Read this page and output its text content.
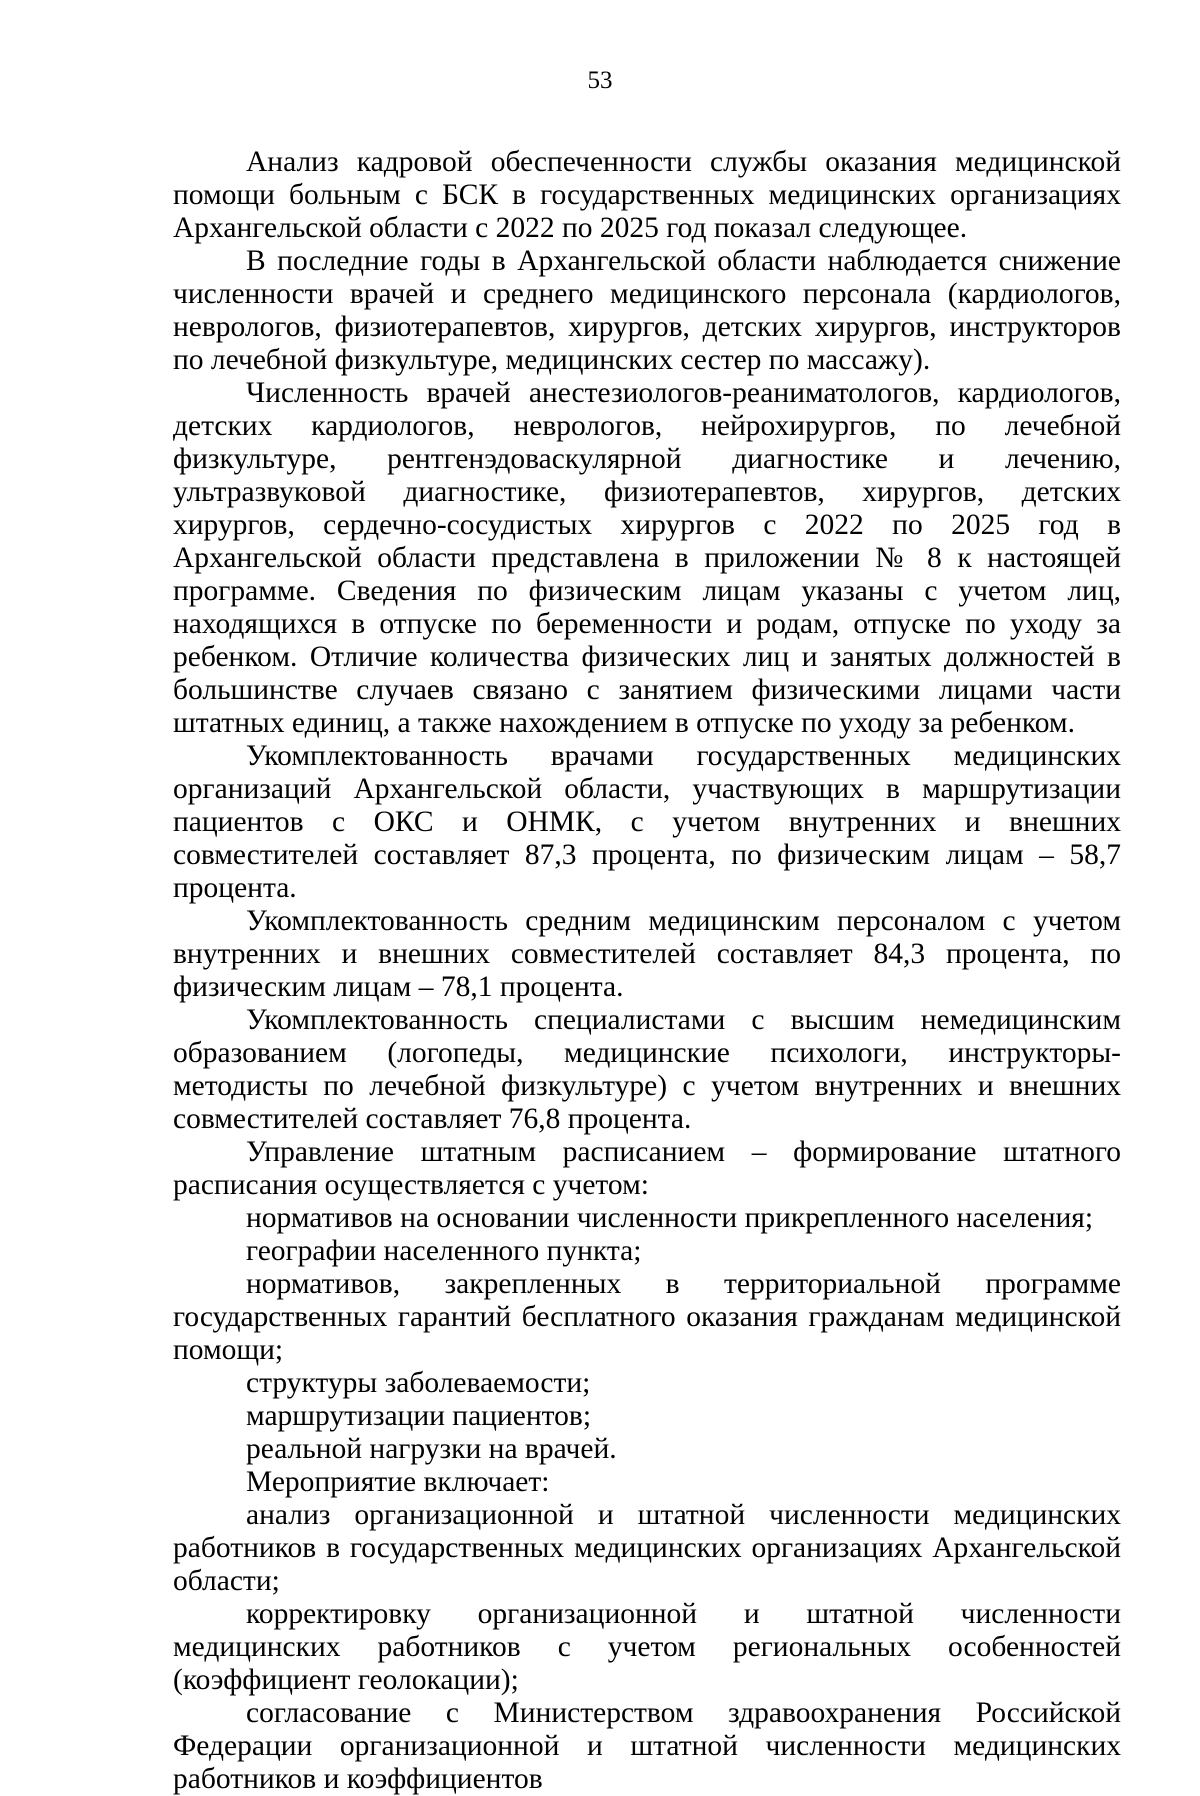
53

Анализ кадровой обеспеченности службы оказания медицинской помощи больным с БСК в государственных медицинских организациях Архангельской области с 2022 по 2025 год показал следующее.

В последние годы в Архангельской области наблюдается снижение численности врачей и среднего медицинского персонала (кардиологов, неврологов, физиотерапевтов, хирургов, детских хирургов, инструкторов по лечебной физкультуре, медицинских сестер по массажу).

Численность врачей анестезиологов-реаниматологов, кардиологов, детских кардиологов, неврологов, нейрохирургов, по лечебной физкультуре, рентгенэдоваскулярной диагностике и лечению, ультразвуковой диагностике, физиотерапевтов, хирургов, детских хирургов, сердечно-сосудистых хирургов с 2022 по 2025 год в Архангельской области представлена в приложении № 8 к настоящей программе. Сведения по физическим лицам указаны с учетом лиц, находящихся в отпуске по беременности и родам, отпуске по уходу за ребенком. Отличие количества физических лиц и занятых должностей в большинстве случаев связано с занятием физическими лицами части штатных единиц, а также нахождением в отпуске по уходу за ребенком.

Укомплектованность врачами государственных медицинских организаций Архангельской области, участвующих в маршрутизации пациентов с ОКС и ОНМК, с учетом внутренних и внешних совместителей составляет 87,3 процента, по физическим лицам – 58,7 процента.

Укомплектованность средним медицинским персоналом с учетом внутренних и внешних совместителей составляет 84,3 процента, по физическим лицам – 78,1 процента.

Укомплектованность специалистами с высшим немедицинским образованием (логопеды, медицинские психологи, инструкторы-методисты по лечебной физкультуре) с учетом внутренних и внешних совместителей составляет 76,8 процента.

Управление штатным расписанием – формирование штатного расписания осуществляется с учетом:

нормативов на основании численности прикрепленного населения;

географии населенного пункта;

нормативов, закрепленных в территориальной программе государственных гарантий бесплатного оказания гражданам медицинской помощи;

структуры заболеваемости;

маршрутизации пациентов;

реальной нагрузки на врачей.

Мероприятие включает:

анализ организационной и штатной численности медицинских работников в государственных медицинских организациях Архангельской области;

корректировку организационной и штатной численности медицинских работников с учетом региональных особенностей (коэффициент геолокации);

согласование с Министерством здравоохранения Российской Федерации организационной и штатной численности медицинских работников и коэффициентов
